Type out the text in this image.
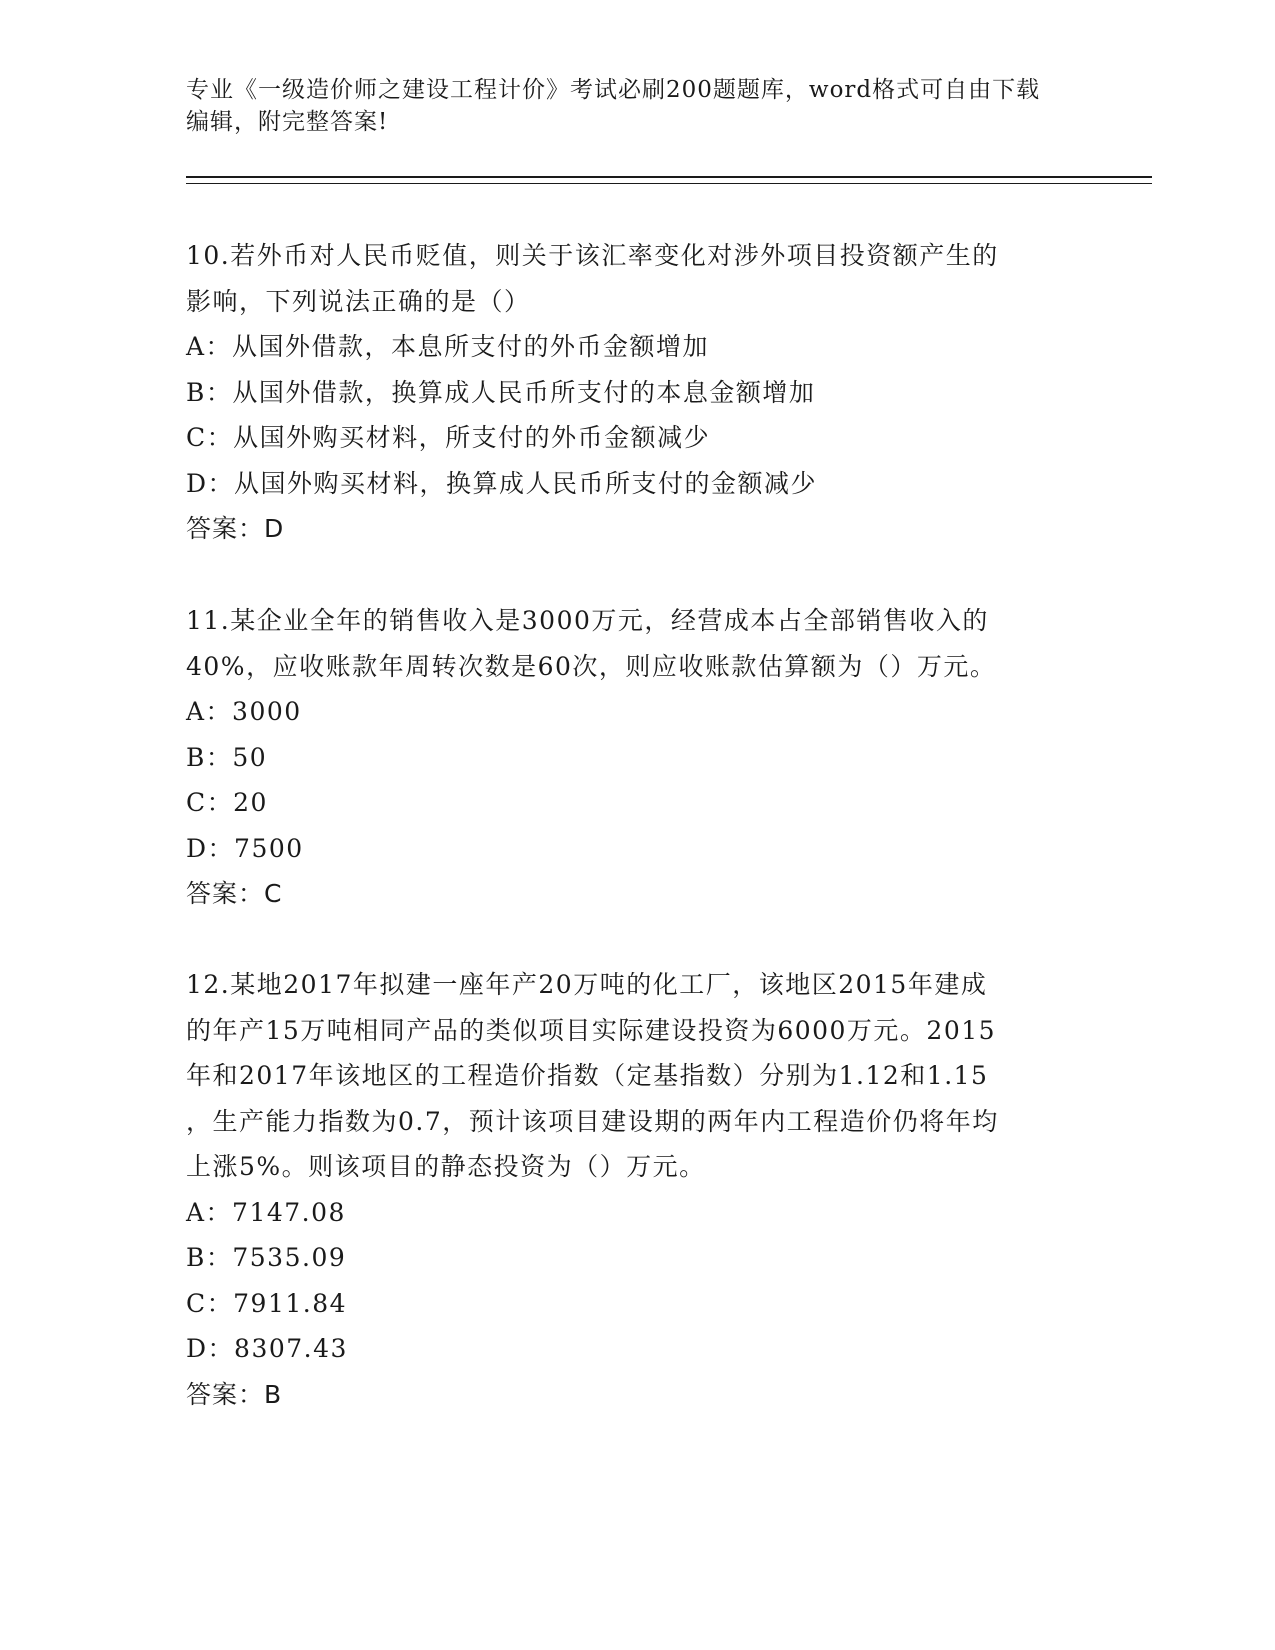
专业《一级造价师之建设工程计价》考试必刷200题题库，word格式可自由下载
编辑，附完整答案!
10.若外币对人民币贬值，则关于该汇率变化对涉外项目投资额产生的
影响，下列说法正确的是（）
A：从国外借款，本息所支付的外币金额增加
B：从国外借款，换算成人民币所支付的本息金额增加
C：从国外购买材料，所支付的外币金额减少
D：从国外购买材料，换算成人民币所支付的金额减少
答案：D
11.某企业全年的销售收入是3000万元，经营成本占全部销售收入的
40%，应收账款年周转次数是60次，则应收账款估算额为（）万元。
A：3000
B：50
C：20
D：7500
答案：C
12.某地2017年拟建一座年产20万吨的化工厂，该地区2015年建成
的年产15万吨相同产品的类似项目实际建设投资为6000万元。2015
年和2017年该地区的工程造价指数（定基指数）分别为1.12和1.15
，生产能力指数为0.7，预计该项目建设期的两年内工程造价仍将年均
上涨5%。则该项目的静态投资为（）万元。
A：7147.08
B：7535.09
C：7911.84
D：8307.43
答案：B
